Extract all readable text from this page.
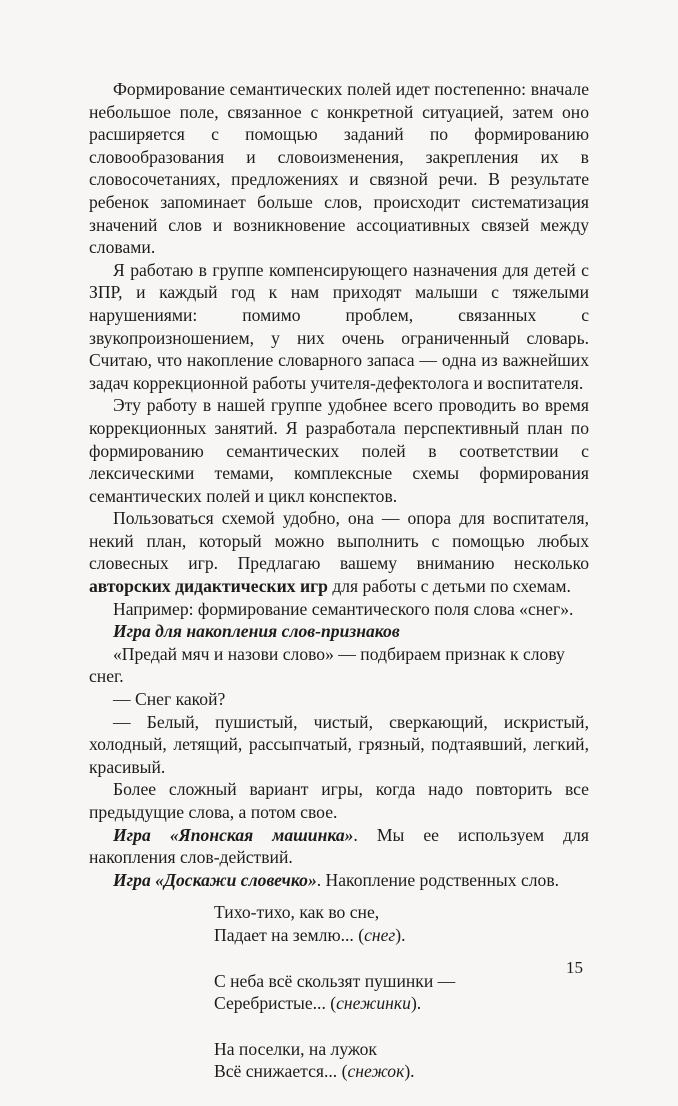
Формирование семантических полей идет постепенно: вначале небольшое поле, связанное с конкретной ситуацией, затем оно расширяется с помощью заданий по формированию словообразования и словоизменения, закрепления их в словосочетаниях, предложениях и связной речи. В результате ребенок запоминает больше слов, происходит систематизация значений слов и возникновение ассоциативных связей между словами.

Я работаю в группе компенсирующего назначения для детей с ЗПР, и каждый год к нам приходят малыши с тяжелыми нарушениями: помимо проблем, связанных с звукопроизношением, у них очень ограниченный словарь. Считаю, что накопление словарного запаса — одна из важнейших задач коррекционной работы учителя-дефектолога и воспитателя.

Эту работу в нашей группе удобнее всего проводить во время коррекционных занятий. Я разработала перспективный план по формированию семантических полей в соответствии с лексическими темами, комплексные схемы формирования семантических полей и цикл конспектов.

Пользоваться схемой удобно, она — опора для воспитателя, некий план, который можно выполнить с помощью любых словесных игр. Предлагаю вашему вниманию несколько авторских дидактических игр для работы с детьми по схемам.

Например: формирование семантического поля слова «снег».

Игра для накопления слов-признаков

«Предай мяч и назови слово» — подбираем признак к слову снег.

— Снег какой?

— Белый, пушистый, чистый, сверкающий, искристый, холодный, летящий, рассыпчатый, грязный, подтаявший, легкий, красивый.

Более сложный вариант игры, когда надо повторить все предыдущие слова, а потом свое.

Игра «Японская машинка». Мы ее используем для накопления слов-действий.

Игра «Доскажи словечко». Накопление родственных слов.

Тихо-тихо, как во сне,
Падает на землю... (снег).
С неба всё скользят пушинки —
Серебристые... (снежинки).
На поселки, на лужок
Всё снижается... (снежок).
15
